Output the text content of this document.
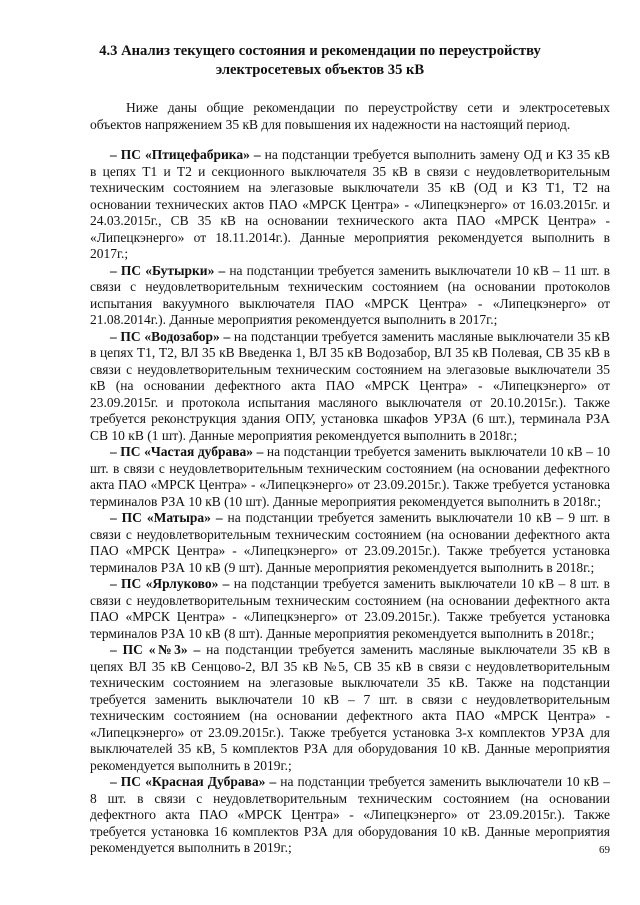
4.3 Анализ текущего состояния и рекомендации по переустройству
электросетевых объектов 35 кВ

Ниже даны общие рекомендации по переустройству сети и электросетевых объектов напряжением 35 кВ для повышения их надежности на настоящий период.

– ПС «Птицефабрика» – на подстанции требуется выполнить замену ОД и КЗ 35 кВ в цепях Т1 и Т2 и секционного выключателя 35 кВ в связи с неудовлетворительным техническим состоянием на элегазовые выключатели 35 кВ (ОД и КЗ Т1, Т2 на основании технических актов ПАО «МРСК Центра» - «Липецкэнерго» от 16.03.2015г. и 24.03.2015г., СВ 35 кВ на основании технического акта ПАО «МРСК Центра» - «Липецкэнерго» от 18.11.2014г.). Данные мероприятия рекомендуется выполнить в 2017г.;

– ПС «Бутырки» – на подстанции требуется заменить выключатели 10 кВ – 11 шт. в связи с неудовлетворительным техническим состоянием (на основании протоколов испытания вакуумного выключателя ПАО «МРСК Центра» - «Липецкэнерго» от 21.08.2014г.). Данные мероприятия рекомендуется выполнить в 2017г.;

– ПС «Водозабор» – на подстанции требуется заменить масляные выключатели 35 кВ в цепях Т1, Т2, ВЛ 35 кВ Введенка 1, ВЛ 35 кВ Водозабор, ВЛ 35 кВ Полевая, СВ 35 кВ в связи с неудовлетворительным техническим состоянием на элегазовые выключатели 35 кВ (на основании дефектного акта ПАО «МРСК Центра» - «Липецкэнерго» от 23.09.2015г. и протокола испытания масляного выключателя от 20.10.2015г.). Также требуется реконструкция здания ОПУ, установка шкафов УРЗА (6 шт.), терминала РЗА СВ 10 кВ (1 шт). Данные мероприятия рекомендуется выполнить в 2018г.;

– ПС «Частая дубрава» – на подстанции требуется заменить выключатели 10 кВ – 10 шт. в связи с неудовлетворительным техническим состоянием (на основании дефектного акта ПАО «МРСК Центра» - «Липецкэнерго» от 23.09.2015г.). Также требуется установка терминалов РЗА 10 кВ (10 шт). Данные мероприятия рекомендуется выполнить в 2018г.;

– ПС «Матыра» – на подстанции требуется заменить выключатели 10 кВ – 9 шт. в связи с неудовлетворительным техническим состоянием (на основании дефектного акта ПАО «МРСК Центра» - «Липецкэнерго» от 23.09.2015г.). Также требуется установка терминалов РЗА 10 кВ (9 шт). Данные мероприятия рекомендуется выполнить в 2018г.;

– ПС «Ярлуково» – на подстанции требуется заменить выключатели 10 кВ – 8 шт. в связи с неудовлетворительным техническим состоянием (на основании дефектного акта ПАО «МРСК Центра» - «Липецкэнерго» от 23.09.2015г.). Также требуется установка терминалов РЗА 10 кВ (8 шт). Данные мероприятия рекомендуется выполнить в 2018г.;

– ПС «№3» – на подстанции требуется заменить масляные выключатели 35 кВ в цепях ВЛ 35 кВ Сенцово-2, ВЛ 35 кВ №5, СВ 35 кВ в связи с неудовлетворительным техническим состоянием на элегазовые выключатели 35 кВ. Также на подстанции требуется заменить выключатели 10 кВ – 7 шт. в связи с неудовлетворительным техническим состоянием (на основании дефектного акта ПАО «МРСК Центра» - «Липецкэнерго» от 23.09.2015г.). Также требуется установка 3-х комплектов УРЗА для выключателей 35 кВ, 5 комплектов РЗА для оборудования 10 кВ. Данные мероприятия рекомендуется выполнить в 2019г.;

– ПС «Красная Дубрава» – на подстанции требуется заменить выключатели 10 кВ – 8 шт. в связи с неудовлетворительным техническим состоянием (на основании дефектного акта ПАО «МРСК Центра» - «Липецкэнерго» от 23.09.2015г.). Также требуется установка 16 комплектов РЗА для оборудования 10 кВ. Данные мероприятия рекомендуется выполнить в 2019г.;	69
